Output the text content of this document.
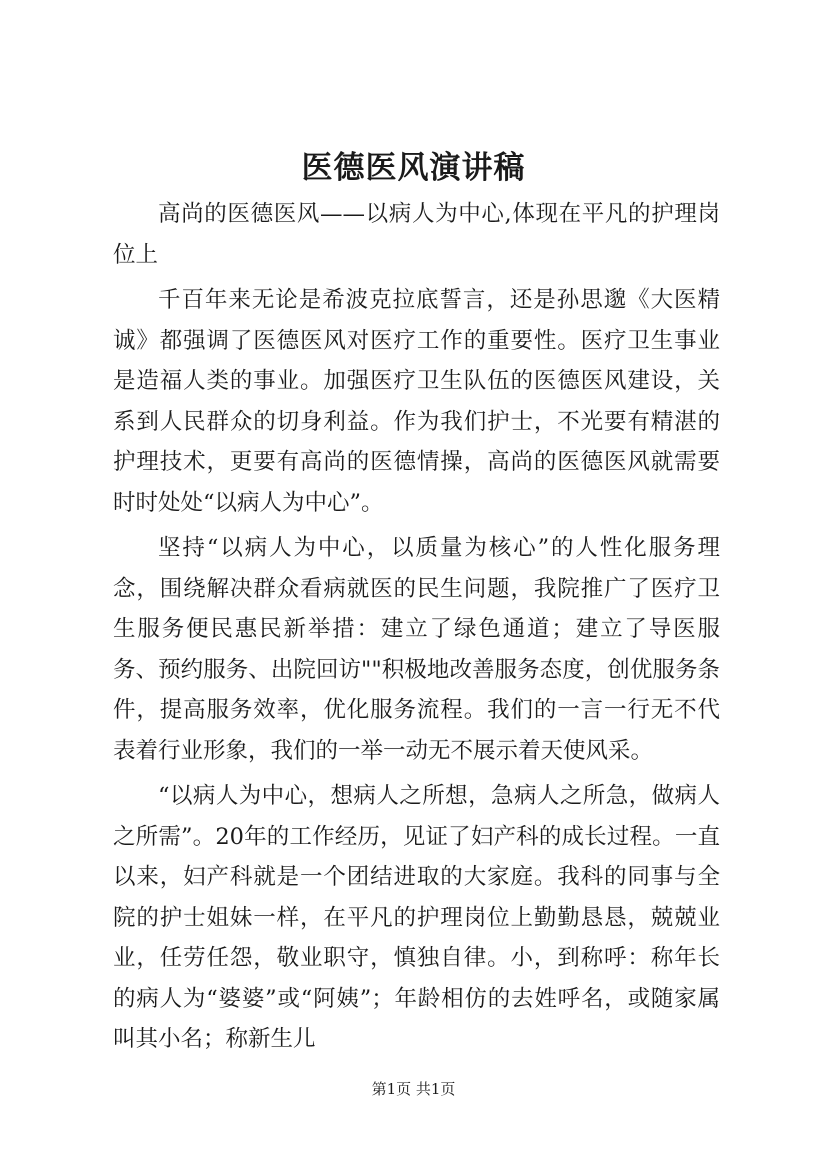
医德医风演讲稿

高尚的医德医风——以病人为中心,体现在平凡的护理岗位上

千百年来无论是希波克拉底誓言，还是孙思邈《大医精诚》都强调了医德医风对医疗工作的重要性。医疗卫生事业是造福人类的事业。加强医疗卫生队伍的医德医风建设，关系到人民群众的切身利益。作为我们护士，不光要有精湛的护理技术，更要有高尚的医德情操，高尚的医德医风就需要时时处处“以病人为中心”。

坚持“以病人为中心，以质量为核心”的人性化服务理念，围绕解决群众看病就医的民生问题，我院推广了医疗卫生服务便民惠民新举措：建立了绿色通道；建立了导医服务、预约服务、出院回访""积极地改善服务态度，创优服务条件，提高服务效率，优化服务流程。我们的一言一行无不代表着行业形象，我们的一举一动无不展示着天使风采。

“以病人为中心，想病人之所想，急病人之所急，做病人之所需”。20年的工作经历，见证了妇产科的成长过程。一直以来，妇产科就是一个团结进取的大家庭。我科的同事与全院的护士姐妹一样，在平凡的护理岗位上勤勤恳恳，兢兢业业，任劳任怨，敬业职守，慎独自律。小，到称呼：称年长的病人为“婆婆”或“阿姨”；年龄相仿的去姓呼名，或随家属叫其小名；称新生儿

第1页 共1页
